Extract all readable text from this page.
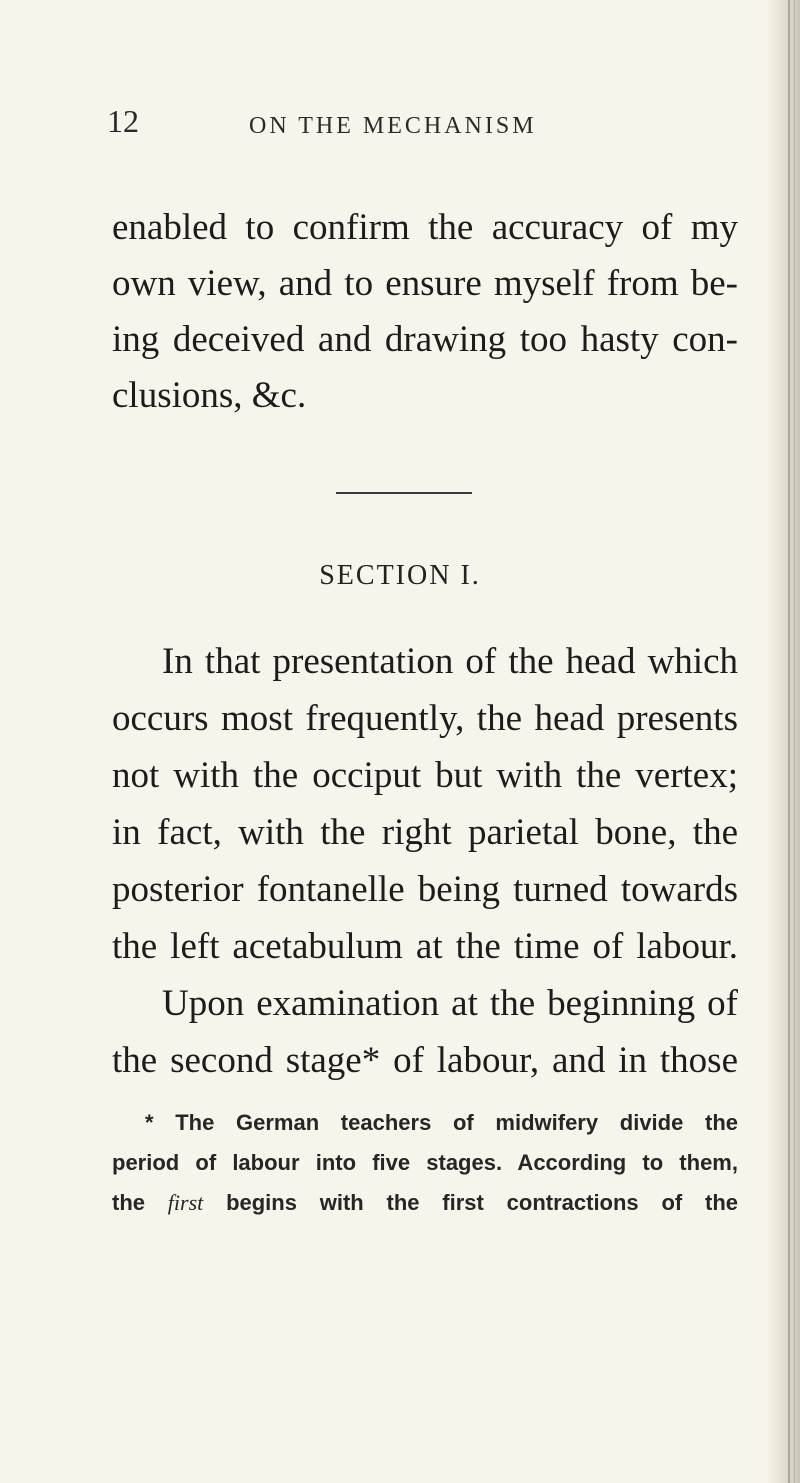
12	ON THE MECHANISM
enabled to confirm the accuracy of my
own view, and to ensure myself from be-
ing deceived and drawing too hasty con-
clusions, &c.
SECTION I.
In that presentation of the head which
occurs most frequently, the head presents
not with the occiput but with the vertex;
in fact, with the right parietal bone, the
posterior fontanelle being turned towards
the left acetabulum at the time of labour.
Upon examination at the beginning of
the second stage* of labour, and in those
* The German teachers of midwifery divide the
period of labour into five stages. According to them,
the first begins with the first contractions of the
